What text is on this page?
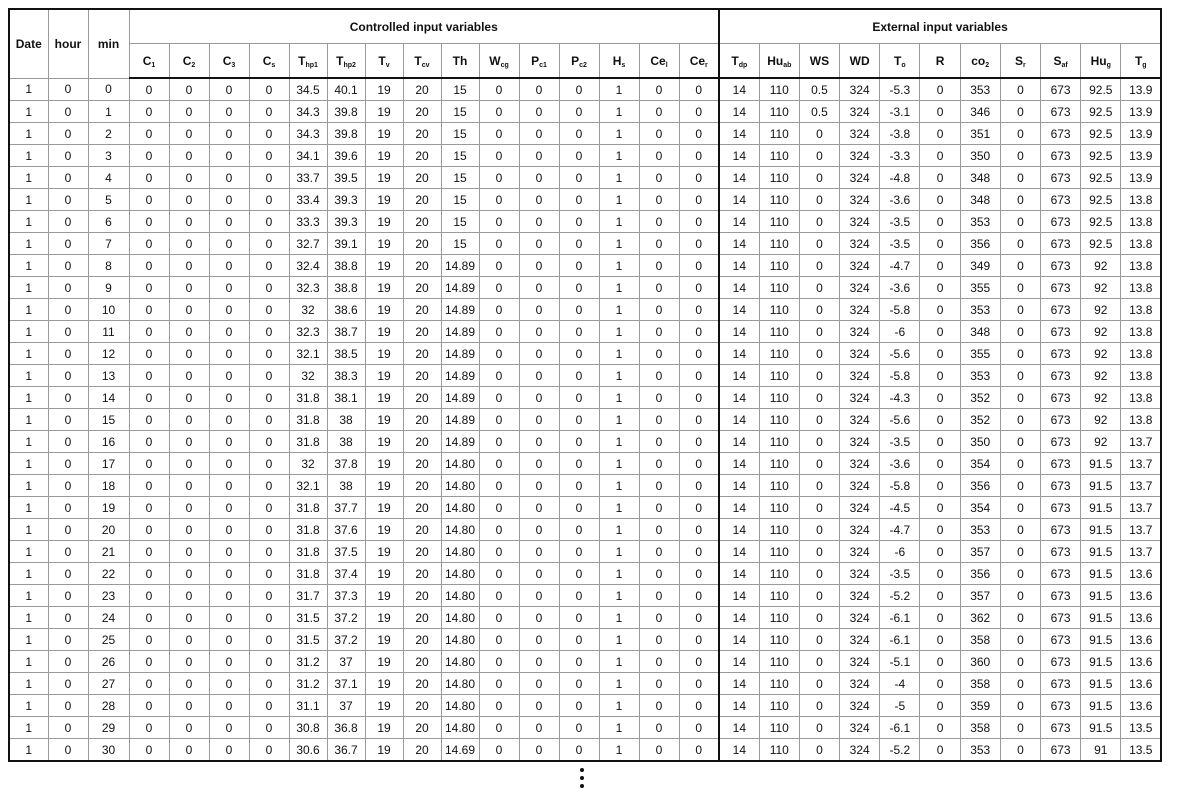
Date	hour	min	Controlled input variables															External input variables										
			$C_1$	$C_2$	$C_3$	$C_s$	$T_{hp1}$	$T_{hp2}$	$T_v$	$T_{cv}$	Th	$W_{cg}$	$P_{c1}$	$P_{c2}$	$H_s$	$Ce_l$	$Ce_r$	$T_{dp}$	$Hu_{ab}$	WS	WD	$T_o$	R	$co_2$	$S_r$	$S_{af}$	$Hu_g$	$T_g$
1	0	0	0	0	0	0	34.5	40.1	19	20	15	0	0	0	1	0	0	14	110	0.5	324	-5.3	0	353	0	673	92.5	13.9
1	0	1	0	0	0	0	34.3	39.8	19	20	15	0	0	0	1	0	0	14	110	0.5	324	-3.1	0	346	0	673	92.5	13.9
1	0	2	0	0	0	0	34.3	39.8	19	20	15	0	0	0	1	0	0	14	110	0	324	-3.8	0	351	0	673	92.5	13.9
1	0	3	0	0	0	0	34.1	39.6	19	20	15	0	0	0	1	0	0	14	110	0	324	-3.3	0	350	0	673	92.5	13.9
1	0	4	0	0	0	0	33.7	39.5	19	20	15	0	0	0	1	0	0	14	110	0	324	-4.8	0	348	0	673	92.5	13.9
1	0	5	0	0	0	0	33.4	39.3	19	20	15	0	0	0	1	0	0	14	110	0	324	-3.6	0	348	0	673	92.5	13.8
1	0	6	0	0	0	0	33.3	39.3	19	20	15	0	0	0	1	0	0	14	110	0	324	-3.5	0	353	0	673	92.5	13.8
1	0	7	0	0	0	0	32.7	39.1	19	20	15	0	0	0	1	0	0	14	110	0	324	-3.5	0	356	0	673	92.5	13.8
1	0	8	0	0	0	0	32.4	38.8	19	20	14.89	0	0	0	1	0	0	14	110	0	324	-4.7	0	349	0	673	92	13.8
1	0	9	0	0	0	0	32.3	38.8	19	20	14.89	0	0	0	1	0	0	14	110	0	324	-3.6	0	355	0	673	92	13.8
1	0	10	0	0	0	0	32	38.6	19	20	14.89	0	0	0	1	0	0	14	110	0	324	-5.8	0	353	0	673	92	13.8
1	0	11	0	0	0	0	32.3	38.7	19	20	14.89	0	0	0	1	0	0	14	110	0	324	-6	0	348	0	673	92	13.8
1	0	12	0	0	0	0	32.1	38.5	19	20	14.89	0	0	0	1	0	0	14	110	0	324	-5.6	0	355	0	673	92	13.8
1	0	13	0	0	0	0	32	38.3	19	20	14.89	0	0	0	1	0	0	14	110	0	324	-5.8	0	353	0	673	92	13.8
1	0	14	0	0	0	0	31.8	38.1	19	20	14.89	0	0	0	1	0	0	14	110	0	324	-4.3	0	352	0	673	92	13.8
1	0	15	0	0	0	0	31.8	38	19	20	14.89	0	0	0	1	0	0	14	110	0	324	-5.6	0	352	0	673	92	13.8
1	0	16	0	0	0	0	31.8	38	19	20	14.89	0	0	0	1	0	0	14	110	0	324	-3.5	0	350	0	673	92	13.7
1	0	17	0	0	0	0	32	37.8	19	20	14.80	0	0	0	1	0	0	14	110	0	324	-3.6	0	354	0	673	91.5	13.7
1	0	18	0	0	0	0	32.1	38	19	20	14.80	0	0	0	1	0	0	14	110	0	324	-5.8	0	356	0	673	91.5	13.7
1	0	19	0	0	0	0	31.8	37.7	19	20	14.80	0	0	0	1	0	0	14	110	0	324	-4.5	0	354	0	673	91.5	13.7
1	0	20	0	0	0	0	31.8	37.6	19	20	14.80	0	0	0	1	0	0	14	110	0	324	-4.7	0	353	0	673	91.5	13.7
1	0	21	0	0	0	0	31.8	37.5	19	20	14.80	0	0	0	1	0	0	14	110	0	324	-6	0	357	0	673	91.5	13.7
1	0	22	0	0	0	0	31.8	37.4	19	20	14.80	0	0	0	1	0	0	14	110	0	324	-3.5	0	356	0	673	91.5	13.6
1	0	23	0	0	0	0	31.7	37.3	19	20	14.80	0	0	0	1	0	0	14	110	0	324	-5.2	0	357	0	673	91.5	13.6
1	0	24	0	0	0	0	31.5	37.2	19	20	14.80	0	0	0	1	0	0	14	110	0	324	-6.1	0	362	0	673	91.5	13.6
1	0	25	0	0	0	0	31.5	37.2	19	20	14.80	0	0	0	1	0	0	14	110	0	324	-6.1	0	358	0	673	91.5	13.6
1	0	26	0	0	0	0	31.2	37	19	20	14.80	0	0	0	1	0	0	14	110	0	324	-5.1	0	360	0	673	91.5	13.6
1	0	27	0	0	0	0	31.2	37.1	19	20	14.80	0	0	0	1	0	0	14	110	0	324	-4	0	358	0	673	91.5	13.6
1	0	28	0	0	0	0	31.1	37	19	20	14.80	0	0	0	1	0	0	14	110	0	324	-5	0	359	0	673	91.5	13.6
1	0	29	0	0	0	0	30.8	36.8	19	20	14.80	0	0	0	1	0	0	14	110	0	324	-6.1	0	358	0	673	91.5	13.5
1	0	30	0	0	0	0	30.6	36.7	19	20	14.69	0	0	0	1	0	0	14	110	0	324	-5.2	0	353	0	673	91	13.5
